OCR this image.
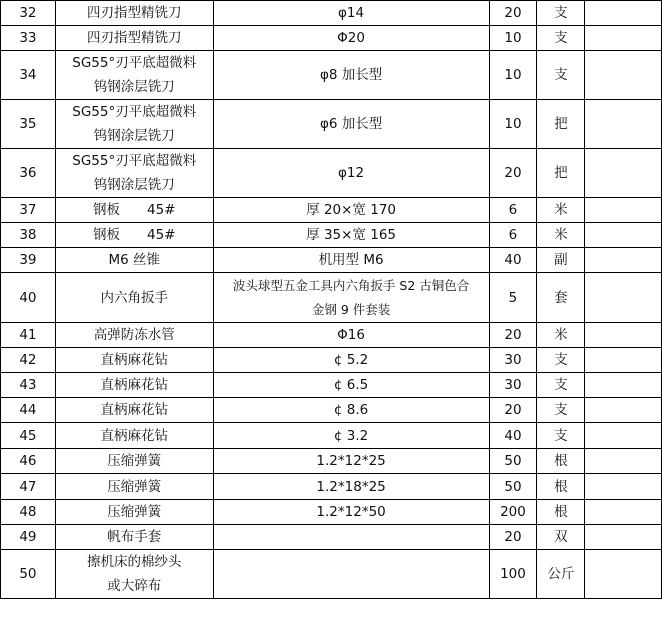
32	四刃指型精铣刀	φ14	20	支	

33	四刃指型精铣刀	Φ20	10	支	

34	SG55°刃平底超微料
钨钢涂层铣刀	φ8 加长型	10	支	

35	SG55°刃平底超微料
钨钢涂层铣刀	φ6 加长型	10	把	

36	SG55°刃平底超微料
钨钢涂层铣刀	φ12	20	把	

37	钢板　　45#	厚 20×宽 170	6	米	

38	钢板　　45#	厚 35×宽 165	6	米	

39	M6 丝锥	机用型 M6	40	副	

40	内六角扳手	波头球型五金工具内六角扳手 S2 古铜色合
金钢 9 件套装	5	套	

41	高弹防冻水管	Φ16	20	米	

42	直柄麻花钻	¢ 5.2	30	支	

43	直柄麻花钻	¢ 6.5	30	支	

44	直柄麻花钻	¢ 8.6	20	支	

45	直柄麻花钻	¢ 3.2	40	支	

46	压缩弹簧	1.2*12*25	50	根	

47	压缩弹簧	1.2*18*25	50	根	

48	压缩弹簧	1.2*12*50	200	根	

49	帆布手套		20	双	

50	擦机床的棉纱头
或大碎布		100	公斤	
